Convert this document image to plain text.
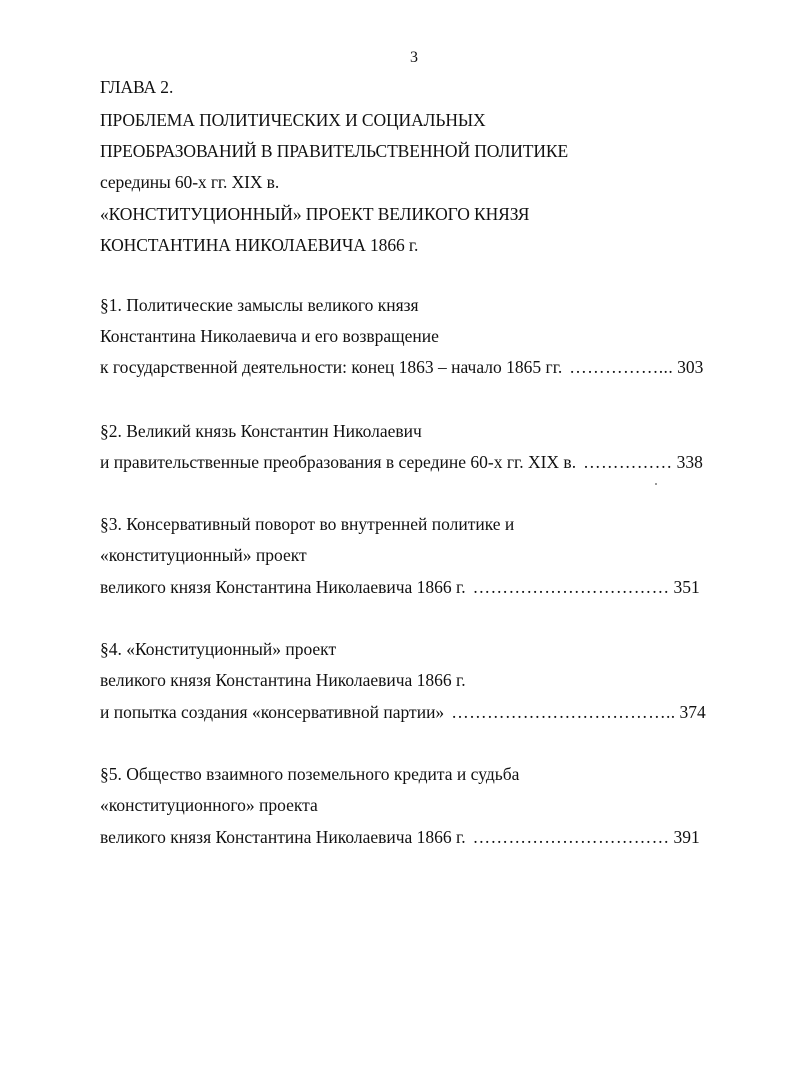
3
ГЛАВА 2.
ПРОБЛЕМА ПОЛИТИЧЕСКИХ И СОЦИАЛЬНЫХ
ПРЕОБРАЗОВАНИЙ В ПРАВИТЕЛЬСТВЕННОЙ ПОЛИТИКЕ
середины 60-х гг. XIX в.
«КОНСТИТУЦИОННЫЙ» ПРОЕКТ ВЕЛИКОГО КНЯЗЯ
КОНСТАНТИНА НИКОЛАЕВИЧА 1866 г.
§1. Политические замыслы великого князя
Константина Николаевича и его возвращение
к государственной деятельности: конец 1863 – начало 1865 гг. ……………... 303
§2. Великий князь Константин Николаевич
и правительственные преобразования в середине 60-х гг. XIX в. …………… 338
§3. Консервативный поворот во внутренней политике и
«конституционный» проект
великого князя Константина Николаевича 1866 г. …………………………… 351
§4. «Конституционный» проект
великого князя Константина Николаевича 1866 г.
и попытка создания «консервативной партии» ……………………………….. 374
§5. Общество взаимного поземельного кредита и судьба
«конституционного» проекта
великого князя Константина Николаевича 1866 г. …………………………… 391
